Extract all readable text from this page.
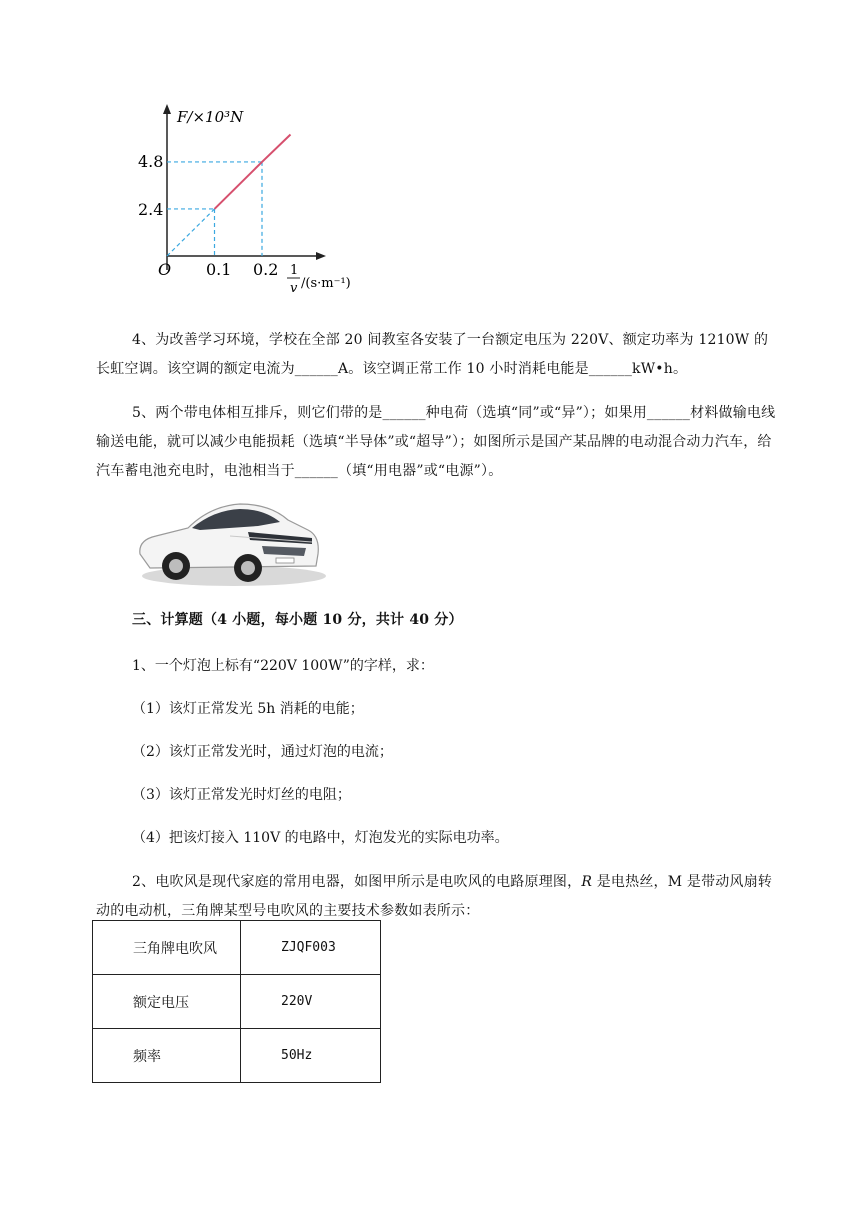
F/×10³N
4.8
2.4
O 0.1 0.2 1
v /(s·m⁻¹)
4、为改善学习环境，学校在全部 20 间教室各安装了一台额定电压为 220V、额定功率为 1210W 的长虹空调。该空调的额定电流为______A。该空调正常工作 10 小时消耗电能是______kW•h。
5、两个带电体相互排斥，则它们带的是______种电荷（选填“同”或“异”）；如果用______材料做输电线输送电能，就可以减少电能损耗（选填“半导体”或“超导”）；如图所示是国产某品牌的电动混合动力汽车，给汽车蓄电池充电时，电池相当于______（填“用电器”或“电源”）。
三、计算题（4 小题，每小题 10 分，共计 40 分）
1、一个灯泡上标有“220V 100W”的字样，求：
（1）该灯正常发光 5h 消耗的电能；
（2）该灯正常发光时，通过灯泡的电流；
（3）该灯正常发光时灯丝的电阻；
（4）把该灯接入 110V 的电路中，灯泡发光的实际电功率。
2、电吹风是现代家庭的常用电器，如图甲所示是电吹风的电路原理图，R 是电热丝，M 是带动风扇转动的电动机，三角牌某型号电吹风的主要技术参数如表所示：
三角牌电吹风	ZJQF003
额定电压	220V
频率	50Hz
